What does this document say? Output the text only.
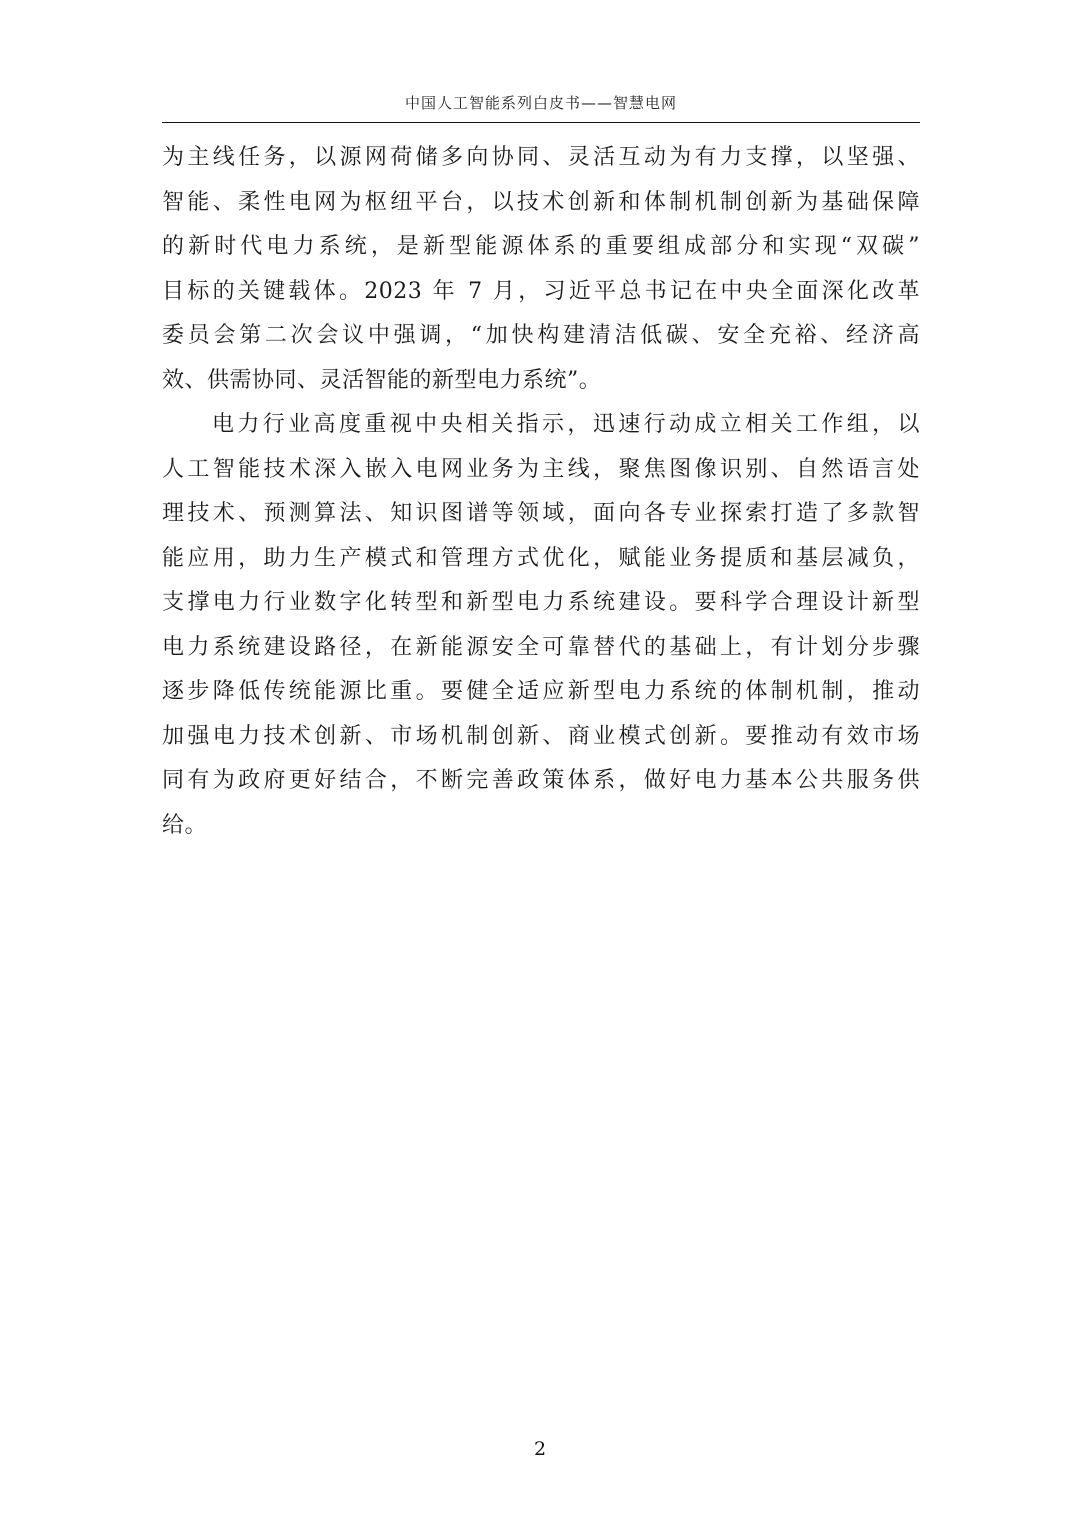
中国人工智能系列白皮书——智慧电网
为主线任务，以源网荷储多向协同、灵活互动为有力支撑，以坚强、
智能、柔性电网为枢纽平台，以技术创新和体制机制创新为基础保障
的新时代电力系统，是新型能源体系的重要组成部分和实现“双碳”
目标的关键载体。2023 年 7 月，习近平总书记在中央全面深化改革
委员会第二次会议中强调，“加快构建清洁低碳、安全充裕、经济高
效、供需协同、灵活智能的新型电力系统”。
电力行业高度重视中央相关指示，迅速行动成立相关工作组，以
人工智能技术深入嵌入电网业务为主线，聚焦图像识别、自然语言处
理技术、预测算法、知识图谱等领域，面向各专业探索打造了多款智
能应用，助力生产模式和管理方式优化，赋能业务提质和基层减负，
支撑电力行业数字化转型和新型电力系统建设。要科学合理设计新型
电力系统建设路径，在新能源安全可靠替代的基础上，有计划分步骤
逐步降低传统能源比重。要健全适应新型电力系统的体制机制，推动
加强电力技术创新、市场机制创新、商业模式创新。要推动有效市场
同有为政府更好结合，不断完善政策体系，做好电力基本公共服务供
给。
2
